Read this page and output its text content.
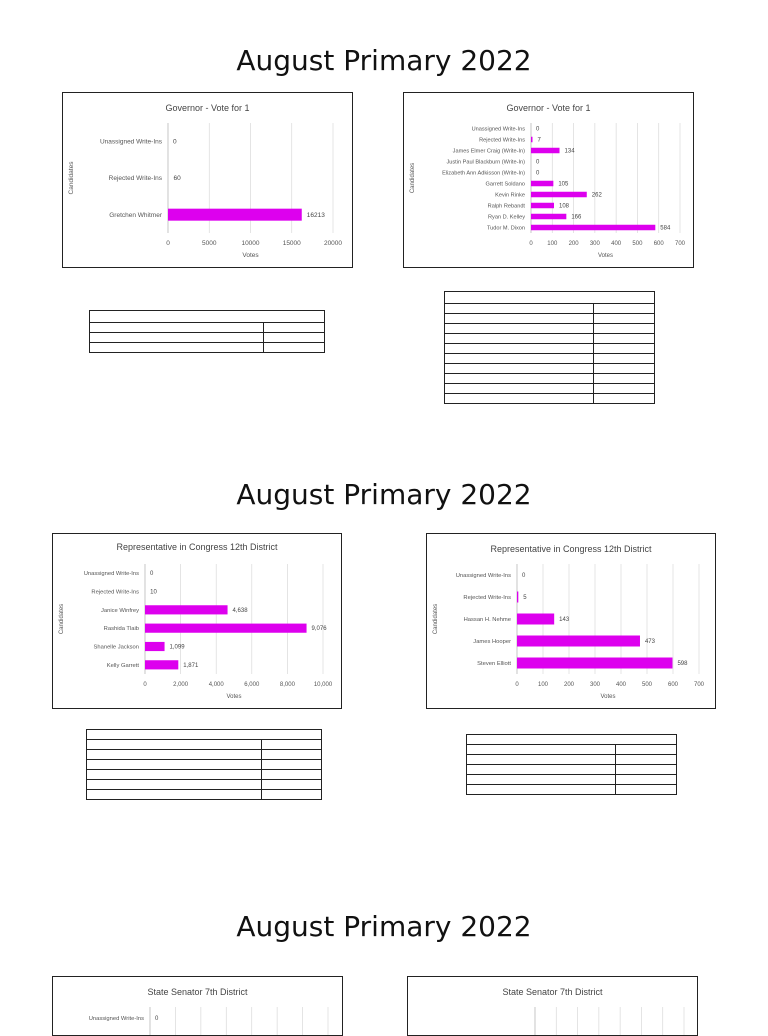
August Primary 2022
August Primary 2022
August Primary 2022
Governor - Vote for 1
Unassigned Write-Ins 0
Rejected Write-Ins 60
Gretchen Whitmer	16213
0	5000	10000	15000	20000
Votes
Candidates
Governor - Vote for 1
Unassigned Write-Ins 0
Rejected Write-Ins 7
James Elmer Craig (Write-In)	134
Justin Paul Blackburn (Write-In) 0
Elizabeth Ann Adkisson (Write-In) 0
Garrett Soldano	105
Kevin Rinke	262
Ralph Rebandt	108
Ryan D. Kelley	166
Tudor M. Dixon	584
0 100 200 300 400 500 600 700
Votes
Candidates
Representative in Congress 12th District
Unassigned Write-Ins 0
Rejected Write-Ins 10
Janice Winfrey	4,638
Rashida Tlaib	9,076
Shanelle Jackson	1,099
Kelly Garrett	1,871
0	2,000	4,000	6,000	8,000	10,000
Votes
Candidates
Representative in Congress 12th District
Unassigned Write-Ins 0
Rejected Write-Ins 5
Hassan H. Nehme	143
James Hooper	473
Steven Elliott	598
0	100	200	300	400	500	600	700
Votes
Candidates
State Senator 7th District
Unassigned Write-Ins 0
State Senator 7th District
